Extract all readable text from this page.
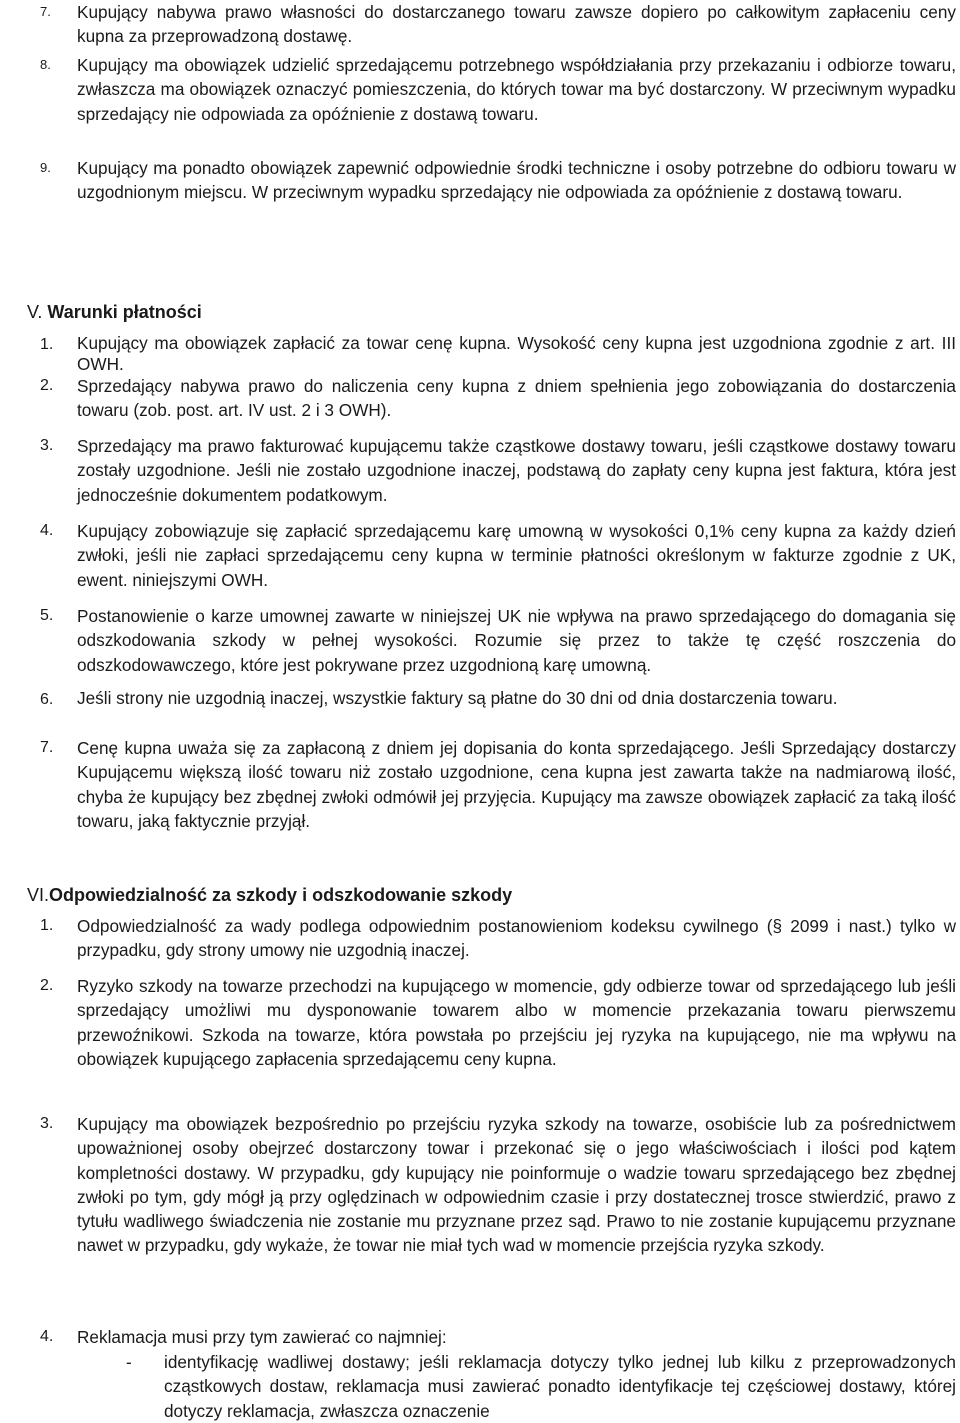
7. Kupujący nabywa prawo własności do dostarczanego towaru zawsze dopiero po całkowitym zapłaceniu ceny kupna za przeprowadzoną dostawę.
8. Kupujący ma obowiązek udzielić sprzedającemu potrzebnego współdziałania przy przekazaniu i odbiorze towaru, zwłaszcza ma obowiązek oznaczyć pomieszczenia, do których towar ma być dostarczony. W przeciwnym wypadku sprzedający nie odpowiada za opóźnienie z dostawą towaru.
9. Kupujący ma ponadto obowiązek zapewnić odpowiednie środki techniczne i osoby potrzebne do odbioru towaru w uzgodnionym miejscu. W przeciwnym wypadku sprzedający nie odpowiada za opóźnienie z dostawą towaru.
V. Warunki płatności
1. Kupujący ma obowiązek zapłacić za towar cenę kupna. Wysokość ceny kupna jest uzgodniona zgodnie z art. III OWH.
2. Sprzedający nabywa prawo do naliczenia ceny kupna z dniem spełnienia jego zobowiązania do dostarczenia towaru (zob. post. art. IV ust. 2 i 3 OWH).
3. Sprzedający ma prawo fakturować kupującemu także cząstkowe dostawy towaru, jeśli cząstkowe dostawy towaru zostały uzgodnione. Jeśli nie zostało uzgodnione inaczej, podstawą do zapłaty ceny kupna jest faktura, która jest jednocześnie dokumentem podatkowym.
4. Kupujący zobowiązuje się zapłacić sprzedającemu karę umowną w wysokości 0,1% ceny kupna za każdy dzień zwłoki, jeśli nie zapłaci sprzedającemu ceny kupna w terminie płatności określonym w fakturze zgodnie z UK, ewent. niniejszymi OWH.
5. Postanowienie o karze umownej zawarte w niniejszej UK nie wpływa na prawo sprzedającego do domagania się odszkodowania szkody w pełnej wysokości. Rozumie się przez to także tę część roszczenia do odszkodowawczego, które jest pokrywane przez uzgodnioną karę umowną.
6. Jeśli strony nie uzgodnią inaczej, wszystkie faktury są płatne do 30 dni od dnia dostarczenia towaru.
7. Cenę kupna uważa się za zapłaconą z dniem jej dopisania do konta sprzedającego. Jeśli Sprzedający dostarczy Kupującemu większą ilość towaru niż zostało uzgodnione, cena kupna jest zawarta także na nadmiarową ilość, chyba że kupujący bez zbędnej zwłoki odmówił jej przyjęcia. Kupujący ma zawsze obowiązek zapłacić za taką ilość towaru, jaką faktycznie przyjął.
VI.Odpowiedzialność za szkody i odszkodowanie szkody
1. Odpowiedzialność za wady podlega odpowiednim postanowieniom kodeksu cywilnego (§ 2099 i nast.) tylko w przypadku, gdy strony umowy nie uzgodnią inaczej.
2. Ryzyko szkody na towarze przechodzi na kupującego w momencie, gdy odbierze towar od sprzedającego lub jeśli sprzedający umożliwi mu dysponowanie towarem albo w momencie przekazania towaru pierwszemu przewoźnikowi. Szkoda na towarze, która powstała po przejściu jej ryzyka na kupującego, nie ma wpływu na obowiązek kupującego zapłacenia sprzedającemu ceny kupna.
3. Kupujący ma obowiązek bezpośrednio po przejściu ryzyka szkody na towarze, osobiście lub za pośrednictwem upoważnionej osoby obejrzeć dostarczony towar i przekonać się o jego właściwościach i ilości pod kątem kompletności dostawy. W przypadku, gdy kupujący nie poinformuje o wadzie towaru sprzedającego bez zbędnej zwłoki po tym, gdy mógł ją przy oględzinach w odpowiednim czasie i przy dostatecznej trosce stwierdzić, prawo z tytułu wadliwego świadczenia nie zostanie mu przyznane przez sąd. Prawo to nie zostanie kupującemu przyznane nawet w przypadku, gdy wykaże, że towar nie miał tych wad w momencie przejścia ryzyka szkody.
4. Reklamacja musi przy tym zawierać co najmniej:
- identyfikację wadliwej dostawy; jeśli reklamacja dotyczy tylko jednej lub kilku z przeprowadzonych cząstkowych dostaw, reklamacja musi zawierać ponadto identyfikacje tej częściowej dostawy, której dotyczy reklamacja, zwłaszcza oznaczenie
